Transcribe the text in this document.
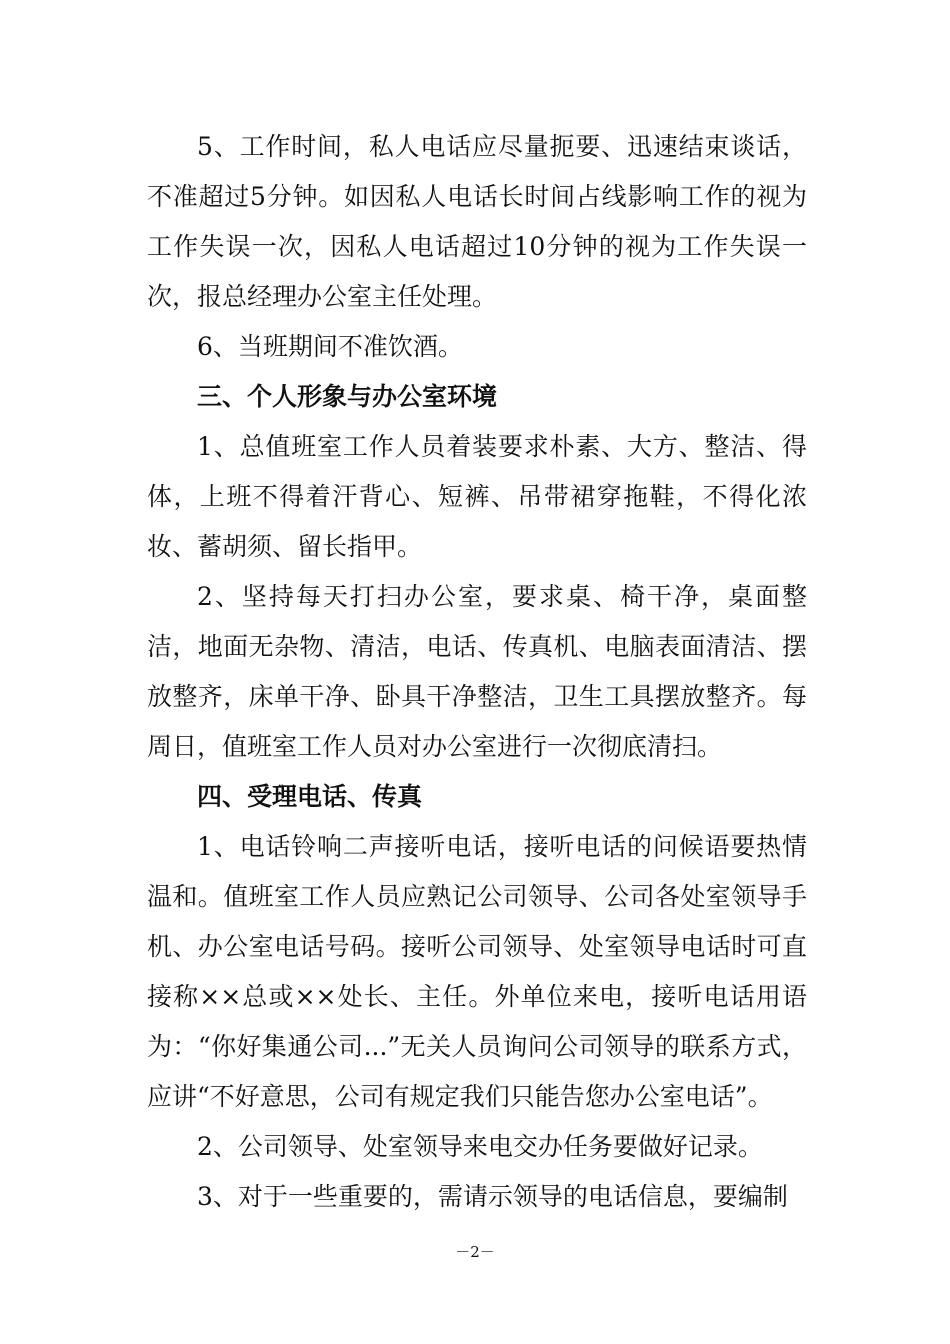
5、工作时间，私人电话应尽量扼要、迅速结束谈话，不准超过5分钟。如因私人电话长时间占线影响工作的视为工作失误一次，因私人电话超过10分钟的视为工作失误一次，报总经理办公室主任处理。

6、当班期间不准饮酒。

三、个人形象与办公室环境

1、总值班室工作人员着装要求朴素、大方、整洁、得体，上班不得着汗背心、短裤、吊带裙穿拖鞋，不得化浓妆、蓄胡须、留长指甲。

2、坚持每天打扫办公室，要求桌、椅干净，桌面整洁，地面无杂物、清洁，电话、传真机、电脑表面清洁、摆放整齐，床单干净、卧具干净整洁，卫生工具摆放整齐。每周日，值班室工作人员对办公室进行一次彻底清扫。

四、受理电话、传真

1、电话铃响二声接听电话，接听电话的问候语要热情温和。值班室工作人员应熟记公司领导、公司各处室领导手机、办公室电话号码。接听公司领导、处室领导电话时可直接称××总或××处长、主任。外单位来电，接听电话用语为：“你好集通公司...”无关人员询问公司领导的联系方式，应讲“不好意思，公司有规定我们只能告您办公室电话”。

2、公司领导、处室领导来电交办任务要做好记录。

3、对于一些重要的，需请示领导的电话信息，要编制

－2－
